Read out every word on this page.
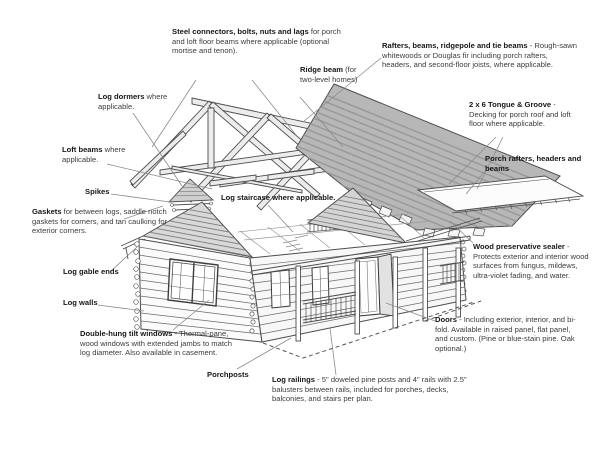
Steel connectors, bolts, nuts and lags for porch and loft floor beams where applicable (optional mortise and tenon).
Ridge beam (for two-level homes)
Rafters, beams, ridgepole and tie beams - Rough-sawn whitewoods or Douglas fir including porch rafters, headers, and second-floor joists, where applicable.
Log dormers where applicable.	2 x 6 Tongue & Groove - Decking for porch roof and loft floor where applicable.
Loft beams where applicable.	Porch rafters, headers and beams
Spikes
Gaskets for between logs, saddle notch gaskets for corners, and tan caulking for exterior corners.
Log staircase where applicable.
Wood preservative sealer - Protects exterior and interior wood surfaces from fungus, mildews, ultra-violet fading, and water.
Log gable ends
Log walls
Doors - Including exterior, interior, and bi-fold. Available in raised panel, flat panel, and custom. (Pine or blue-stain pine. Oak optional.)
Double-hung tilt windows - Thermal-pane, wood windows with extended jambs to match log diameter. Also available in casement.
Porchposts
Log railings - 5" doweled pine posts and 4" rails with 2.5" balusters between rails, included for porches, decks, balconies, and stairs per plan.
